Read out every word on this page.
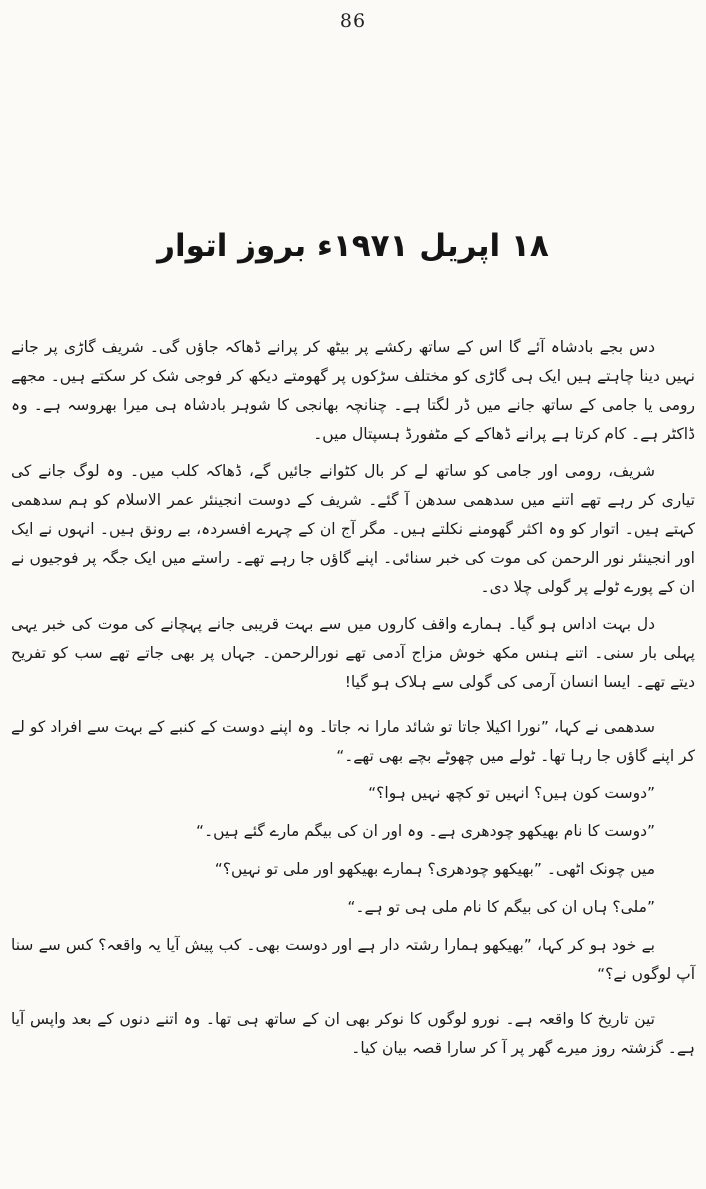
86
۱۸ اپریل ۱۹۷۱ء بروز اتوار

دس بجے بادشاہ آئے گا اس کے ساتھ رکشے پر بیٹھ کر پرانے ڈھاکہ جاؤں گی۔ شریف گاڑی پر جانے نہیں دینا چاہتے ہیں ایک ہی گاڑی کو مختلف سڑکوں پر گھومتے دیکھ کر فوجی شک کر سکتے ہیں۔ مجھے رومی یا جامی کے ساتھ جانے میں ڈر لگتا ہے۔ چنانچہ بھانجی کا شوہر بادشاہ ہی میرا بھروسہ ہے۔ وہ ڈاکٹر ہے۔ کام کرتا ہے پرانے ڈھاکے کے مٹفورڈ ہسپتال میں۔

شریف، رومی اور جامی کو ساتھ لے کر بال کٹوانے جائیں گے، ڈھاکہ کلب میں۔ وہ لوگ جانے کی تیاری کر رہے تھے اتنے میں سدھمی سدھن آ گئے۔ شریف کے دوست انجینئر عمر الاسلام کو ہم سدھمی کہتے ہیں۔ اتوار کو وہ اکثر گھومنے نکلتے ہیں۔ مگر آج ان کے چہرے افسردہ، بے رونق ہیں۔ انہوں نے ایک اور انجینئر نور الرحمن کی موت کی خبر سنائی۔ اپنے گاؤں جا رہے تھے۔ راستے میں ایک جگہ پر فوجیوں نے ان کے پورے ٹولے پر گولی چلا دی۔

دل بہت اداس ہو گیا۔ ہمارے واقف کاروں میں سے بہت قریبی جانے پہچانے کی موت کی خبر یہی پہلی بار سنی۔ اتنے ہنس مکھ خوش مزاج آدمی تھے نورالرحمن۔ جہاں پر بھی جاتے تھے سب کو تفریح دیتے تھے۔ ایسا انسان آرمی کی گولی سے ہلاک ہو گیا!

سدھمی نے کہا، ”نورا اکیلا جاتا تو شائد مارا نہ جاتا۔ وہ اپنے دوست کے کنبے کے بہت سے افراد کو لے کر اپنے گاؤں جا رہا تھا۔ ٹولے میں چھوٹے بچے بھی تھے۔“

”دوست کون ہیں؟ انہیں تو کچھ نہیں ہوا؟“

”دوست کا نام بھیکھو چودھری ہے۔ وہ اور ان کی بیگم مارے گئے ہیں۔“

میں چونک اٹھی۔ ”بھیکھو چودھری؟ ہمارے بھیکھو اور ملی تو نہیں؟“

”ملی؟ ہاں ان کی بیگم کا نام ملی ہی تو ہے۔“

بے خود ہو کر کہا، ”بھیکھو ہمارا رشتہ دار ہے اور دوست بھی۔ کب پیش آیا یہ واقعہ؟ کس سے سنا آپ لوگوں نے؟“

تین تاریخ کا واقعہ ہے۔ نورو لوگوں کا نوکر بھی ان کے ساتھ ہی تھا۔ وہ اتنے دنوں کے بعد واپس آیا ہے۔ گزشتہ روز میرے گھر پر آ کر سارا قصہ بیان کیا۔
